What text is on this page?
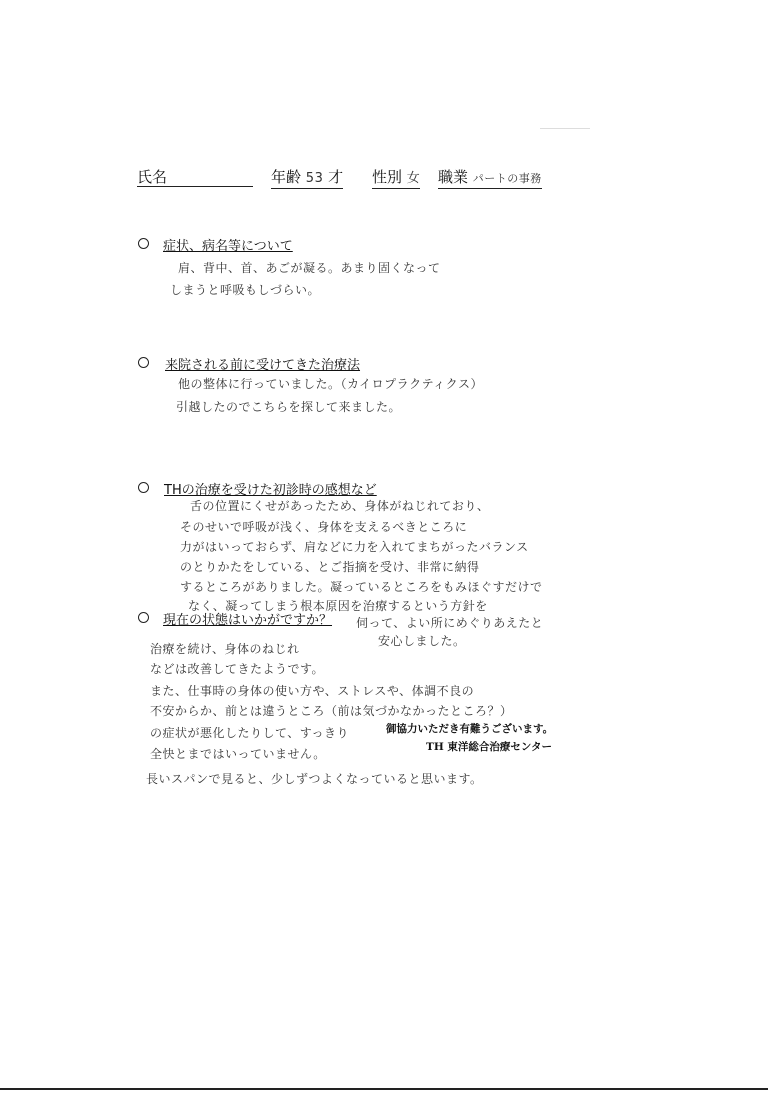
氏名	年齢 53 才 性別 女 職業 パートの事務
症状、病名等について
肩、背中、首、あごが凝る。あまり固くなって
しまうと呼吸もしづらい。
来院される前に受けてきた治療法
他の整体に行っていました。（カイロプラクティクス）
引越したのでこちらを探して来ました。
THの治療を受けた初診時の感想など
舌の位置にくせがあったため、身体がねじれており、
そのせいで呼吸が浅く、身体を支えるべきところに
力がはいっておらず、肩などに力を入れてまちがったバランス
のとりかたをしている、とご指摘を受け、非常に納得
するところがありました。凝っているところをもみほぐすだけで
なく、凝ってしまう根本原因を治療するという方針を
伺って、よい所にめぐりあえたと
安心しました。
現在の状態はいかがですか？
治療を続け、身体のねじれ
などは改善してきたようです。
また、仕事時の身体の使い方や、ストレスや、体調不良の
不安からか、前とは違うところ（前は気づかなかったところ？）
の症状が悪化したりして、すっきり
全快とまではいっていません。
長いスパンで見ると、少しずつよくなっていると思います。
御協力いただき有難うございます。
TH 東洋総合治療センター
